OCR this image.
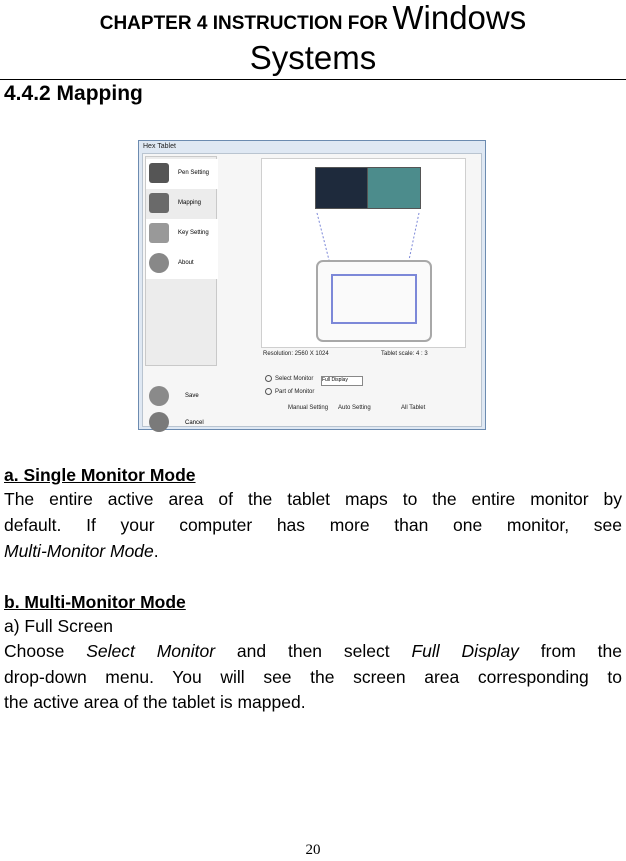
CHAPTER 4 INSTRUCTION FOR Windows
Systems
4.4.2 Mapping
Hex Tablet
Pen Setting
Mapping
Key Setting
About
Resolution: 2560 X 1024	Tablet scale: 4 : 3
Select Monitor Full Display
Part of Monitor
Manual Setting Auto Setting	All Tablet
Save
Cancel
a. Single Monitor Mode
The entire active area of the tablet maps to the entire monitor by
default. If your computer has more than one monitor, see
Multi-Monitor Mode.
b. Multi-Monitor Mode
a) Full Screen
Choose Select Monitor and then select Full Display from the
drop-down menu. You will see the screen area corresponding to
the active area of the tablet is mapped.
20
